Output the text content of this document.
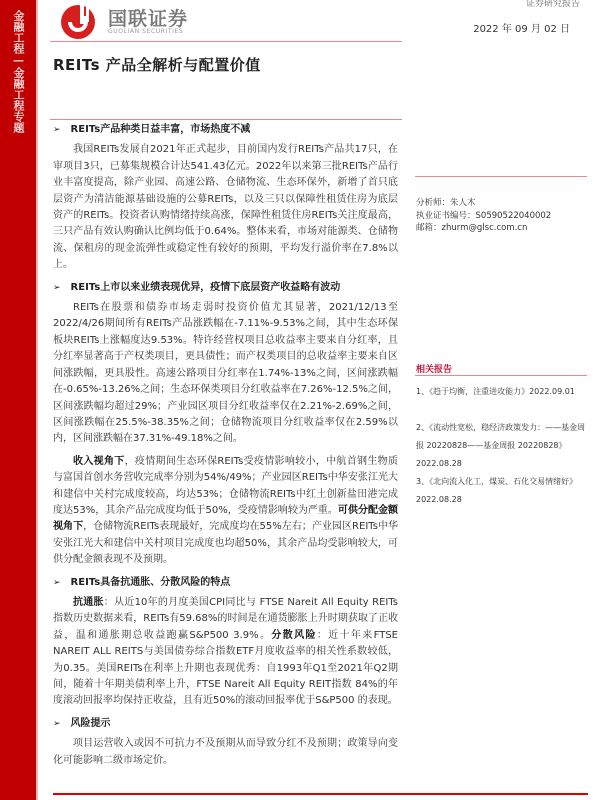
金融工程—金融工程专题	国联证券
GUOLIAN SECURITIES
证券研究报告
2022 年 09 月 02 日
REITs 产品全解析与配置价值
➢ REITs产品种类日益丰富，市场热度不减

我国REITs发展自2021年正式起步，目前国内发行REITs产品共17只，在审项目3只，已募集规模合计达541.43亿元。2022年以来第三批REITs产品行业丰富度提高，除产业园、高速公路、仓储物流、生态环保外，新增了首只底层资产为清洁能源基础设施的公募REITs，以及三只以保障性租赁住房为底层资产的REITs。投资者认购情绪持续高涨，保障性租赁住房REITs关注度最高，三只产品有效认购确认比例均低于0.64%。整体来看，市场对能源类、仓储物流、保租房的现金流弹性或稳定性有较好的预期，平均发行溢价率在7.8%以上。

➢ REITs上市以来业绩表现优异，疫情下底层资产收益略有波动

REITs在股票和债券市场走弱时投资价值尤其显著，2021/12/13至2022/4/26期间所有REITs产品涨跌幅在-7.11%-9.53%之间，其中生态环保板块REITs上涨幅度达9.53%。特许经营权项目总收益率主要来自分红率，且分红率显著高于产权类项目，更具债性；而产权类项目的总收益率主要来自区间涨跌幅，更具股性。高速公路项目分红率在1.74%-13%之间，区间涨跌幅在-0.65%-13.26%之间；生态环保类项目分红收益率在7.26%-12.5%之间，区间涨跌幅均超过29%；产业园区项目分红收益率仅在2.21%-2.69%之间，区间涨跌幅在25.5%-38.35%之间；仓储物流项目分红收益率仅在2.59%以内，区间涨跌幅在37.31%-49.18%之间。

收入视角下，疫情期间生态环保REITs受疫情影响较小，中航首钢生物质与富国首创水务营收完成率分别为54%/49%；产业园区REITs中华安张江光大和建信中关村完成度较高，均达53%；仓储物流REITs中红土创新盐田港完成度达53%，其余产品完成度均低于50%，受疫情影响较为严重。可供分配金额视角下，仓储物流REITs表现最好，完成度均在55%左右；产业园区REITs中华安张江光大和建信中关村项目完成度也均超50%，其余产品均受影响较大，可供分配金额表现不及预期。

➢ REITs具备抗通胀、分散风险的特点

抗通胀：从近10年的月度美国CPI同比与 FTSE Nareit All Equity REITs指数历史数据来看，REITs有59.68%的时间是在通货膨胀上升时期获取了正收益，温和通胀期总收益跑赢S&P500 3.9%。分散风险：近十年来FTSE NAREIT ALL REITS与美国债券综合指数ETF月度收益率的相关性系数较低，为0.35。美国REITs在利率上升期也表现优秀：自1993年Q1至2021年Q2期间，随着十年期美债利率上升，FTSE Nareit All Equity REIT指数 84%的年度滚动回报率均保持正收益，且有近50%的滚动回报率优于S&P500 的表现。

➢ 风险提示

项目运营收入或因不可抗力不及预期从而导致分红不及预期；政策导向变化可能影响二级市场定价。

分析师：朱人木
执业证书编号：S0590522040002
邮箱：zhurm@glsc.com.cn
相关报告
1、《趋于均衡，注重进攻能力》2022.09.01
2、《流动性宽松，稳经济政策发力：——基金周报 20220828——基金周报 20220828》2022.08.28
3、《北向流入化工，煤炭、石化交易情绪好》2022.08.28
